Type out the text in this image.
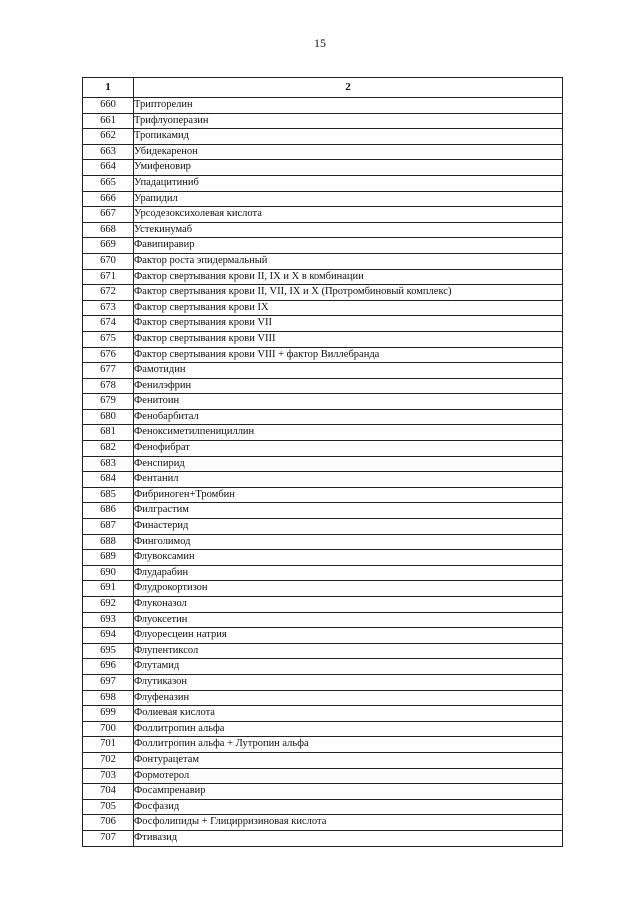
15
1	2
660	Трипторелин
661	Трифлуоперазин
662	Тропикамид
663	Убидекаренон
664	Умифеновир
665	Упадацитиниб
666	Урапидил
667	Урсодезоксихолевая кислота
668	Устекинумаб
669	Фавипиравир
670	Фактор роста эпидермальный
671	Фактор свертывания крови II, IX и X в комбинации
672	Фактор свертывания крови II, VII, IX и X (Протромбиновый комплекс)
673	Фактор свертывания крови IX
674	Фактор свертывания крови VII
675	Фактор свертывания крови VIII
676	Фактор свертывания крови VIII + фактор Виллебранда
677	Фамотидин
678	Фенилэфрин
679	Фенитоин
680	Фенобарбитал
681	Феноксиметилпенициллин
682	Фенофибрат
683	Фенспирид
684	Фентанил
685	Фибриноген+Тромбин
686	Филграстим
687	Финастерид
688	Финголимод
689	Флувоксамин
690	Флударабин
691	Флудрокортизон
692	Флуконазол
693	Флуоксетин
694	Флуоресцеин натрия
695	Флупентиксол
696	Флутамид
697	Флутиказон
698	Флуфеназин
699	Фолиевая кислота
700	Фоллитропин альфа
701	Фоллитропин альфа + Лутропин альфа
702	Фонтурацетам
703	Формотерол
704	Фосампренавир
705	Фосфазид
706	Фосфолипиды + Глицирризиновая кислота
707	Фтивазид
